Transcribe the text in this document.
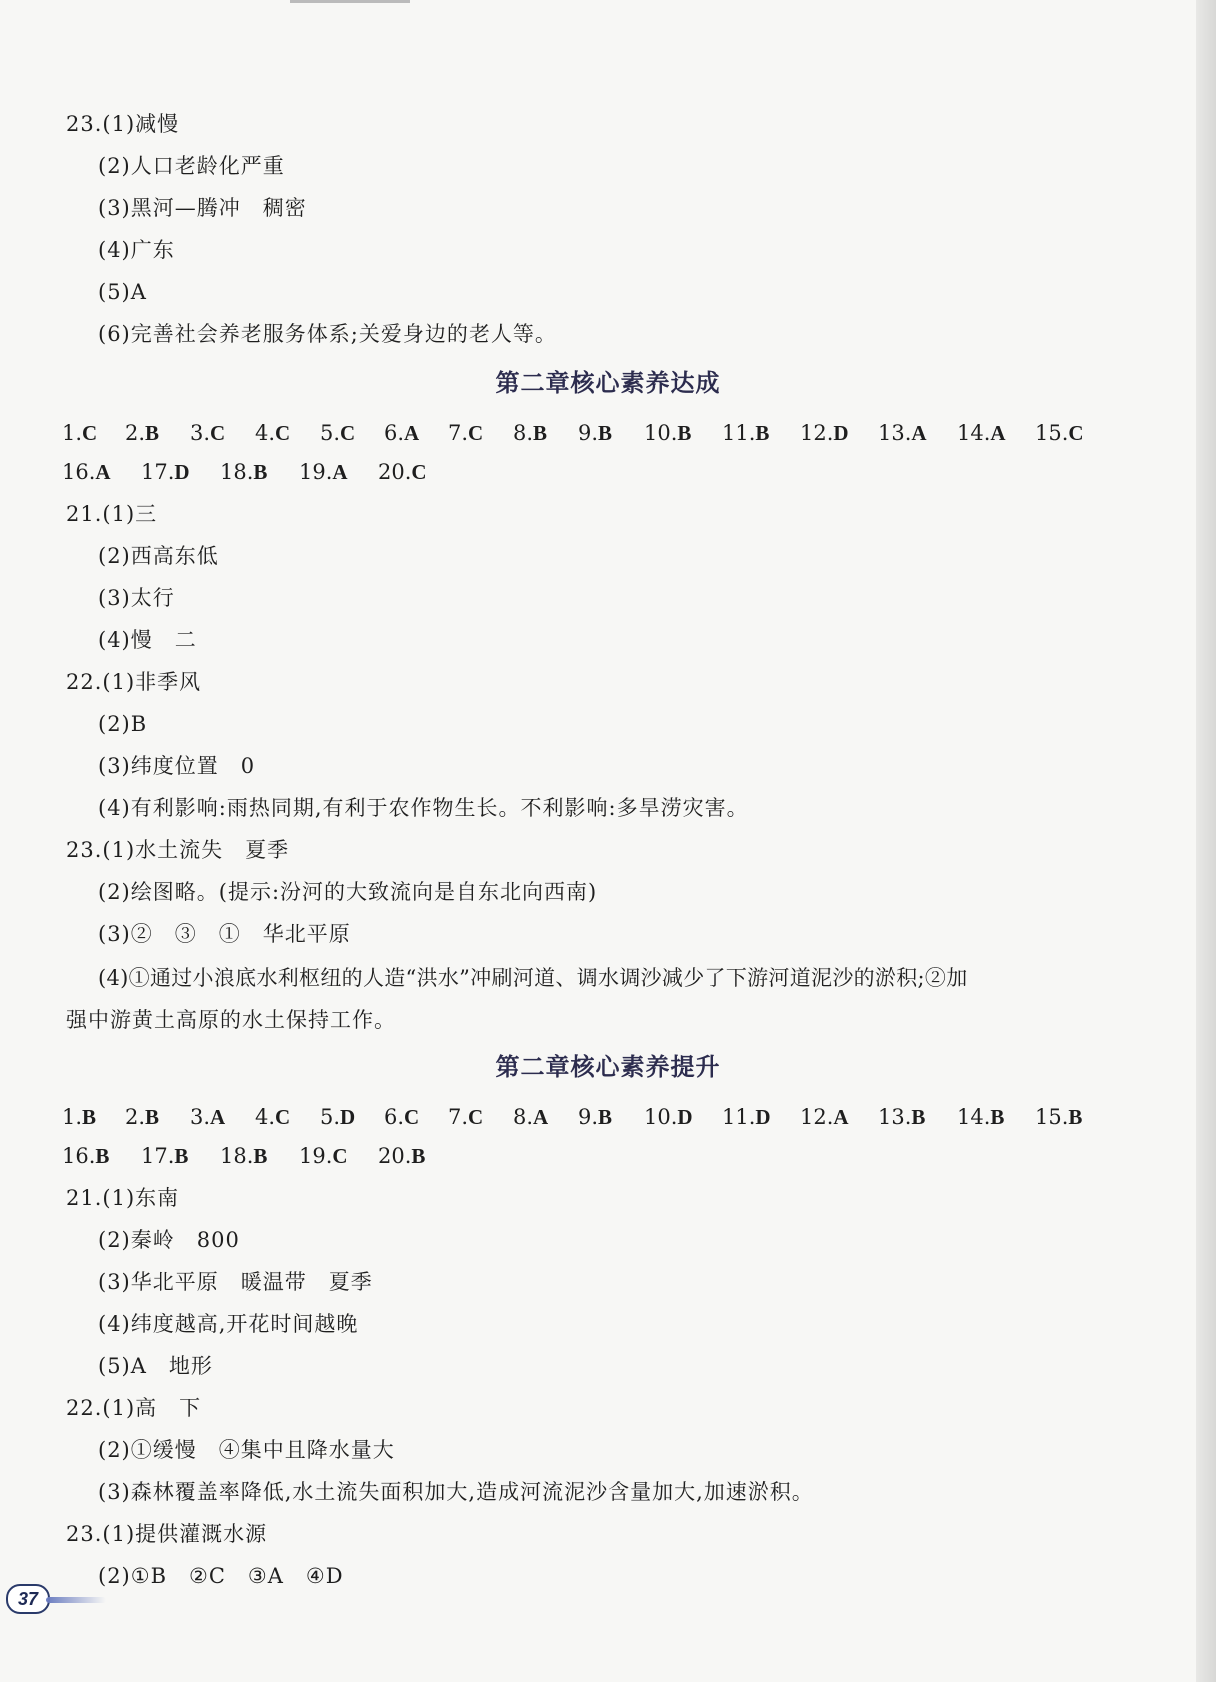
23.(1)减慢
(2)人口老龄化严重
(3)黑河—腾冲　稠密
(4)广东
(5)A
(6)完善社会养老服务体系;关爱身边的老人等。
第二章核心素养达成
1.C 2.B 3.C 4.C 5.C 6.A 7.C 8.B 9.B 10.B 11.B 12.D 13.A 14.A 15.C
16.A 17.D 18.B 19.A 20.C
21.(1)三
(2)西高东低
(3)太行
(4)慢　二
22.(1)非季风
(2)B
(3)纬度位置　0
(4)有利影响:雨热同期,有利于农作物生长。不利影响:多旱涝灾害。
23.(1)水土流失　夏季
(2)绘图略。(提示:汾河的大致流向是自东北向西南)
(3)②　③　①　华北平原
(4)①通过小浪底水利枢纽的人造“洪水”冲刷河道、调水调沙减少了下游河道泥沙的淤积;②加
强中游黄土高原的水土保持工作。
第二章核心素养提升
1.B 2.B 3.A 4.C 5.D 6.C 7.C 8.A 9.B 10.D 11.D 12.A 13.B 14.B 15.B
16.B 17.B 18.B 19.C 20.B
21.(1)东南
(2)秦岭　800
(3)华北平原　暖温带　夏季
(4)纬度越高,开花时间越晚
(5)A　地形
22.(1)高　下
(2)①缓慢　④集中且降水量大
(3)森林覆盖率降低,水土流失面积加大,造成河流泥沙含量加大,加速淤积。
23.(1)提供灌溉水源
(2)①B　②C　③A　④D
37
